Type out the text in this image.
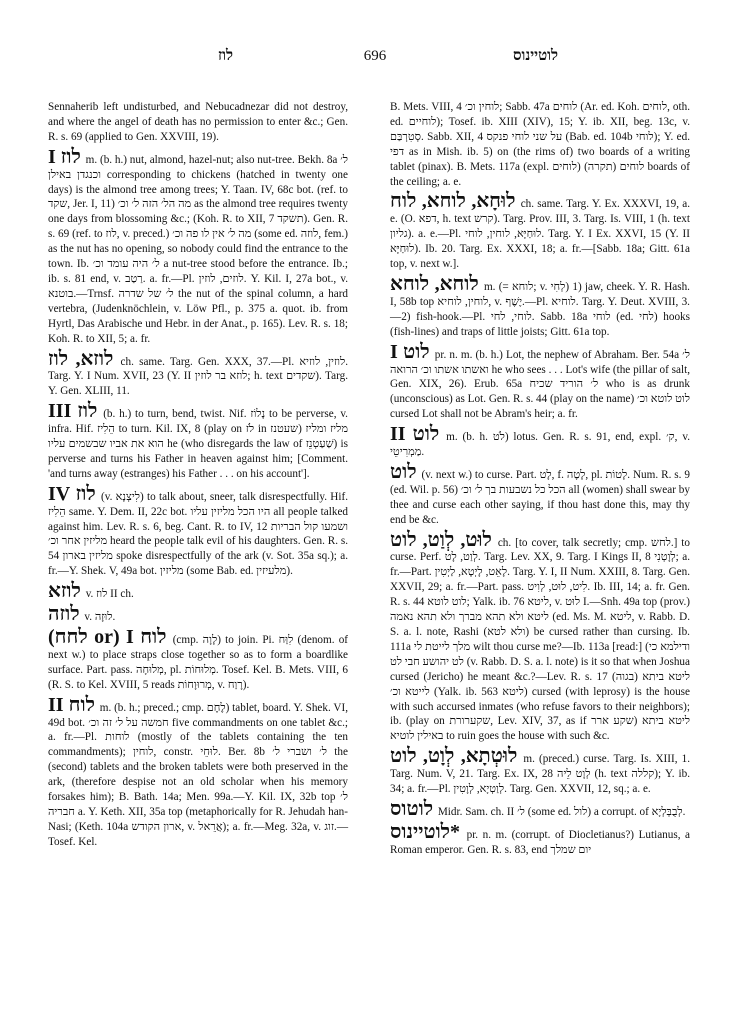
לוז	696	לוטיינוס

Sennaherib left undisturbed, and Nebucadnezar did not destroy, and where the angel of death has no permission to enter &c.; Gen. R. s. 69 (applied to Gen. XXVIII, 19).

לוז I m. (b. h.) nut, almond, hazel-nut; also nut-tree. Bekh. 8a ל׳ וכנגדן באילן corresponding to chickens (hatched in twenty one days) is the almond tree among trees; Y. Taan. IV, 68c bot. (ref. to שקד, Jer. I, 11) מה הל׳ הזה ל׳ וכ׳ as the almond tree requires twenty one days from blossoming &c.; (Koh. R. to XII, 7 תשקד). Gen. R. s. 69 (ref. to לוז, v. preced.) מה ל׳ אין לו פה וכ׳ (some ed. לוזה, fem.) as the nut has no opening, so nobody could find the entrance to the town. Ib. ל׳ היה עומד וכ׳ a nut-tree stood before the entrance. Ib.; ib. s. 81 end, v. רַטַב. a. fr.—Pl. לוזים, לוזין. Y. Kil. I, 27a bot., v. בוטנא.—Trnsf. ל׳ של שדרה the nut of the spinal column, a hard vertebra, (Judenknöchlein, v. Löw Pfl., p. 375 a. quot. ib. from Hyrtl, Das Arabische und Hebr. in der Anat., p. 165). Lev. R. s. 18; Koh. R. to XII, 5; a. fr.

לוזא, לוז ch. same. Targ. Gen. XXX, 37.—Pl. לוזין, לוזיא. Targ. Y. I Num. XVII, 23 (Y. II לוזא בר לוזין; h. text שקדים). Targ. Y. Gen. XLIII, 11.

לוז III (b. h.) to turn, bend, twist. Nif. נָלוֹז to be perverse, v. infra. Hif. הֵלִיז to turn. Kil. IX, 8 (play on לֹז in שעטנז) מליז ומליז הוא את אביו שבשמים עליו he (who disregards the law of שַׁעַטְנֵז) is perverse and turns his Father in heaven against him; [Comment. 'and turns away (estranges) his Father . . . on his account'].

לוז IV (v. לִיצְנָא) to talk about, sneer, talk disrespectfully. Hif. הֵלִיז same. Y. Dem. II, 22c bot. היו הכל מליזין עליו all people talked against him. Lev. R. s. 6, beg. Cant. R. to IV, 12 ושמעו קול הבריות מליזין אחר וכ׳ heard the people talk evil of his daughters. Gen. R. s. 54 מליזין בארון spoke disrespectfully of the ark (v. Sot. 35a sq.); a. fr.—Y. Shek. V, 49a bot. מליזין (some Bab. ed. מלעיזין).

לוזא v. לוז II ch.

לוזה v. לוּזָה.

לוח I (or לחח) (cmp. לָוָה) to join. Pi. לִוַּח (denom. of next w.) to place straps close together so as to form a boardlike surface. Part. pass. מְלוּחָה, pl. מְלוּחוֹת. Tosef. Kel. B. Mets. VIII, 6 (R. S. to Kel. XVIII, 5 reads מְרוּוָחוֹת, v. רָוַח).

לוח II m. (b. h.; preced.; cmp. לֶחֶם) tablet, board. Y. Shek. VI, 49d bot. חמשה על ל׳ זה וכ׳ five commandments on one tablet &c.; a. fr.—Pl. לוחות (mostly of the tablets containing the ten commandments); לוחין, constr. לוּחֵי. Ber. 8b ל׳ ושברי ל׳ the (second) tablets and the broken tablets were both preserved in the ark, (therefore despise not an old scholar when his memory forsakes him); B. Bath. 14a; Men. 99a.—Y. Kil. IX, 32b top ל׳ חבריה a. Y. Keth. XII, 35a top (metaphorically for R. Jehudah han-Nasi; (Keth. 104a ארון הקודש, v. אֲרֵאל); a. fr.—Meg. 32a, v. זוג.—Tosef. Kel.

B. Mets. VIII, 4 לוחין וכ׳; Sabb. 47a לוחים (Ar. ed. Koh. לוחים, oth. ed. לוחיים); Tosef. ib. XIII (XIV), 15; Y. ib. XII, beg. 13c, v. סְטִרְבַּם. Sabb. XII, 4 על שני לוחי פנקס (Bab. ed. 104b לוחי); Y. ed. דפי as in Mish. ib. 5) on (the rims of) two boards of a writing tablet (pinax). B. Mets. 117a (expl. לוחים) לוחים (תקרה) boards of the ceiling; a. e.

לוּחָא, לוחא, לוח ch. same. Targ. Y. Ex. XXXVI, 19, a. e. (O. דפא, h. text קרש). Targ. Prov. III, 3. Targ. Is. VIII, 1 (h. text גליון). a. e.—Pl. לוּחַיָּא, לוחין, לוחי. Targ. Y. I Ex. XXVI, 15 (Y. II לוּחַיָּא). Ib. 20. Targ. Ex. XXXI, 18; a. fr.—[Sabb. 18a; Gitt. 61a top, v. next w.].

לוחא, לוחא m. (= לוחא; v. לְחִי) 1) jaw, cheek. Y. R. Hash. I, 58b top לוחין, לוחיא, v. יֶשֶׁף.—Pl. לוחיא. Targ. Y. Deut. XVIII, 3.—2) fish-hook.—Pl. לוחי, לחי. Sabb. 18a לוחי (ed. לחי) hooks (fish-lines) and traps of little joists; Gitt. 61a top.

לוט I pr. n. m. (b. h.) Lot, the nephew of Abraham. Ber. 54a ל׳ ואשתו אשתו וכ׳ הרואה he who sees . . . Lot's wife (the pillar of salt, Gen. XIX, 26). Erub. 65a ל׳ הוריד שכיח who is as drunk (unconscious) as Lot. Gen. R. s. 44 (play on the name) לוט לוטא וכ׳ cursed Lot shall not be Abram's heir; a. fr.

לוט II m. (b. h. לֹט) lotus. Gen. R. s. 91, end, expl. ק׳, v. מַמְרִיטֵי.

לוט (v. next w.) to curse. Part. לָט, f. לָטָה, pl. לָטוֹת. Num. R. s. 9 (ed. Wil. p. 56) הכל כל נשבעות בך ל׳ וכ׳ all (women) shall swear by thee and curse each other saying, if thou hast done this, may thy end be &c.

לוּט, לְוַט, לוט ch. [to cover, talk secretly; cmp. לחש.] to curse. Perf. לְוַט, לָט. Targ. Lev. XX, 9. Targ. I Kings II, 8 לְוָטְנִי; a. fr.—Part. לָאֵט, לָיְטָא, לַיְטִין. Targ. Y. I, II Num. XXIII, 8. Targ. Gen. XXVII, 29; a. fr.—Part. pass. לִיט, לוּט, לְוִיט. Ib. III, 14; a. fr. Gen. R. s. 44 לוט לוטא; Yalk. ib. 76 ליטא, v. לוּט I.—Snh. 49a top (prov.) ליטא ולא תהא מברך ולא תהא נאמה (ed. Ms. M. ליטא, v. Rabb. D. S. a. l. note, Rashi (ולא לטא) be cursed rather than cursing. Ib. 111a מלך לייטת לי wilt thou curse me?—Ib. 113a [read:] (ודילמא כי לט יהושע חבי לט (v. Rabb. D. S. a. l. note) is it so that when Joshua cursed (Jericho) he meant &c.?—Lev. R. s. 17 (בגוה) ליטא ביתא לייטא וכ׳ (Yalk. ib. 563 ליטא) cursed (with leprosy) is the house with such accursed inmates (who refuse favors to their neighbors); ib. (play on שקערורת, Lev. XIV, 37, as if שקע ארר) ליטא ביתא באילין לוטיא to ruin goes the house with such &c.

לוּטְתָא, לְוָט, לוט m. (preced.) curse. Targ. Is. XIII, 1. Targ. Num. V, 21. Targ. Ex. IX, 28 לְוָט לֵיה (h. text קללה); Y. ib. 34; a. fr.—Pl. לְוַטְיָא, לְוָטִין. Targ. Gen. XXVII, 12, sq.; a. e.

לוטוס Midr. Sam. ch. II ל׳ (some ed. לול) a corrupt. of לְבֻבְּלְיָא.

*לוטיינוס pr. n. m. (corrupt. of Diocletianus?) Lutianus, a Roman emperor. Gen. R. s. 83, end יום שמלך
